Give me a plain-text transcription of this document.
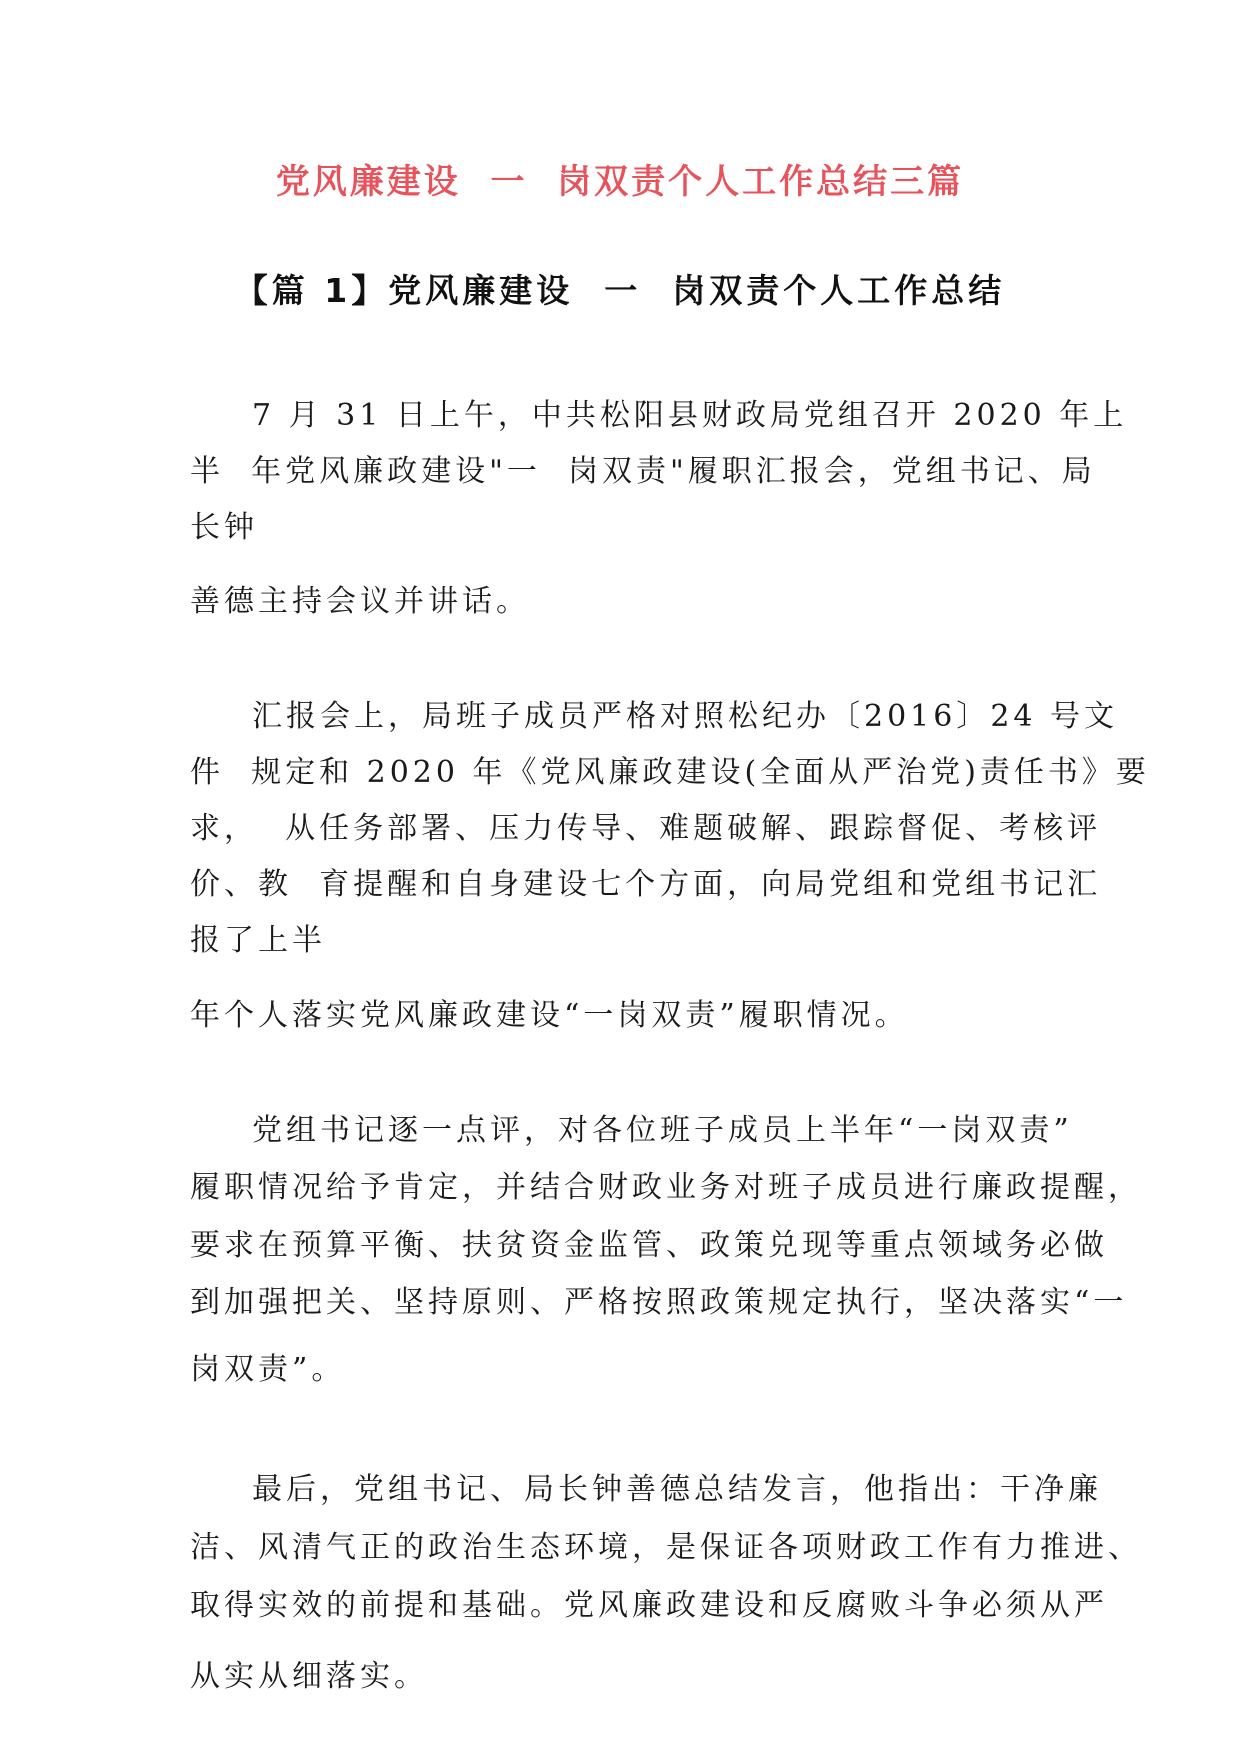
党风廉建设  一  岗双责个人工作总结三篇
【篇 1】党风廉建设  一  岗双责个人工作总结
7 月 31 日上午，中共松阳县财政局党组召开 2020 年上
半  年党风廉政建设"一  岗双责"履职汇报会，党组书记、局
长钟
善德主持会议并讲话。
汇报会上，局班子成员严格对照松纪办〔2016〕24 号文
件  规定和 2020 年《党风廉政建设(全面从严治党)责任书》要
求，  从任务部署、压力传导、难题破解、跟踪督促、考核评
价、教  育提醒和自身建设七个方面，向局党组和党组书记汇
报了上半
年个人落实党风廉政建设“一岗双责”履职情况。
党组书记逐一点评，对各位班子成员上半年“一岗双责”
履职情况给予肯定，并结合财政业务对班子成员进行廉政提醒，
要求在预算平衡、扶贫资金监管、政策兑现等重点领域务必做
到加强把关、坚持原则、严格按照政策规定执行，坚决落实“一
岗双责”。
最后，党组书记、局长钟善德总结发言，他指出：干净廉
洁、风清气正的政治生态环境，是保证各项财政工作有力推进、
取得实效的前提和基础。党风廉政建设和反腐败斗争必须从严
从实从细落实。
